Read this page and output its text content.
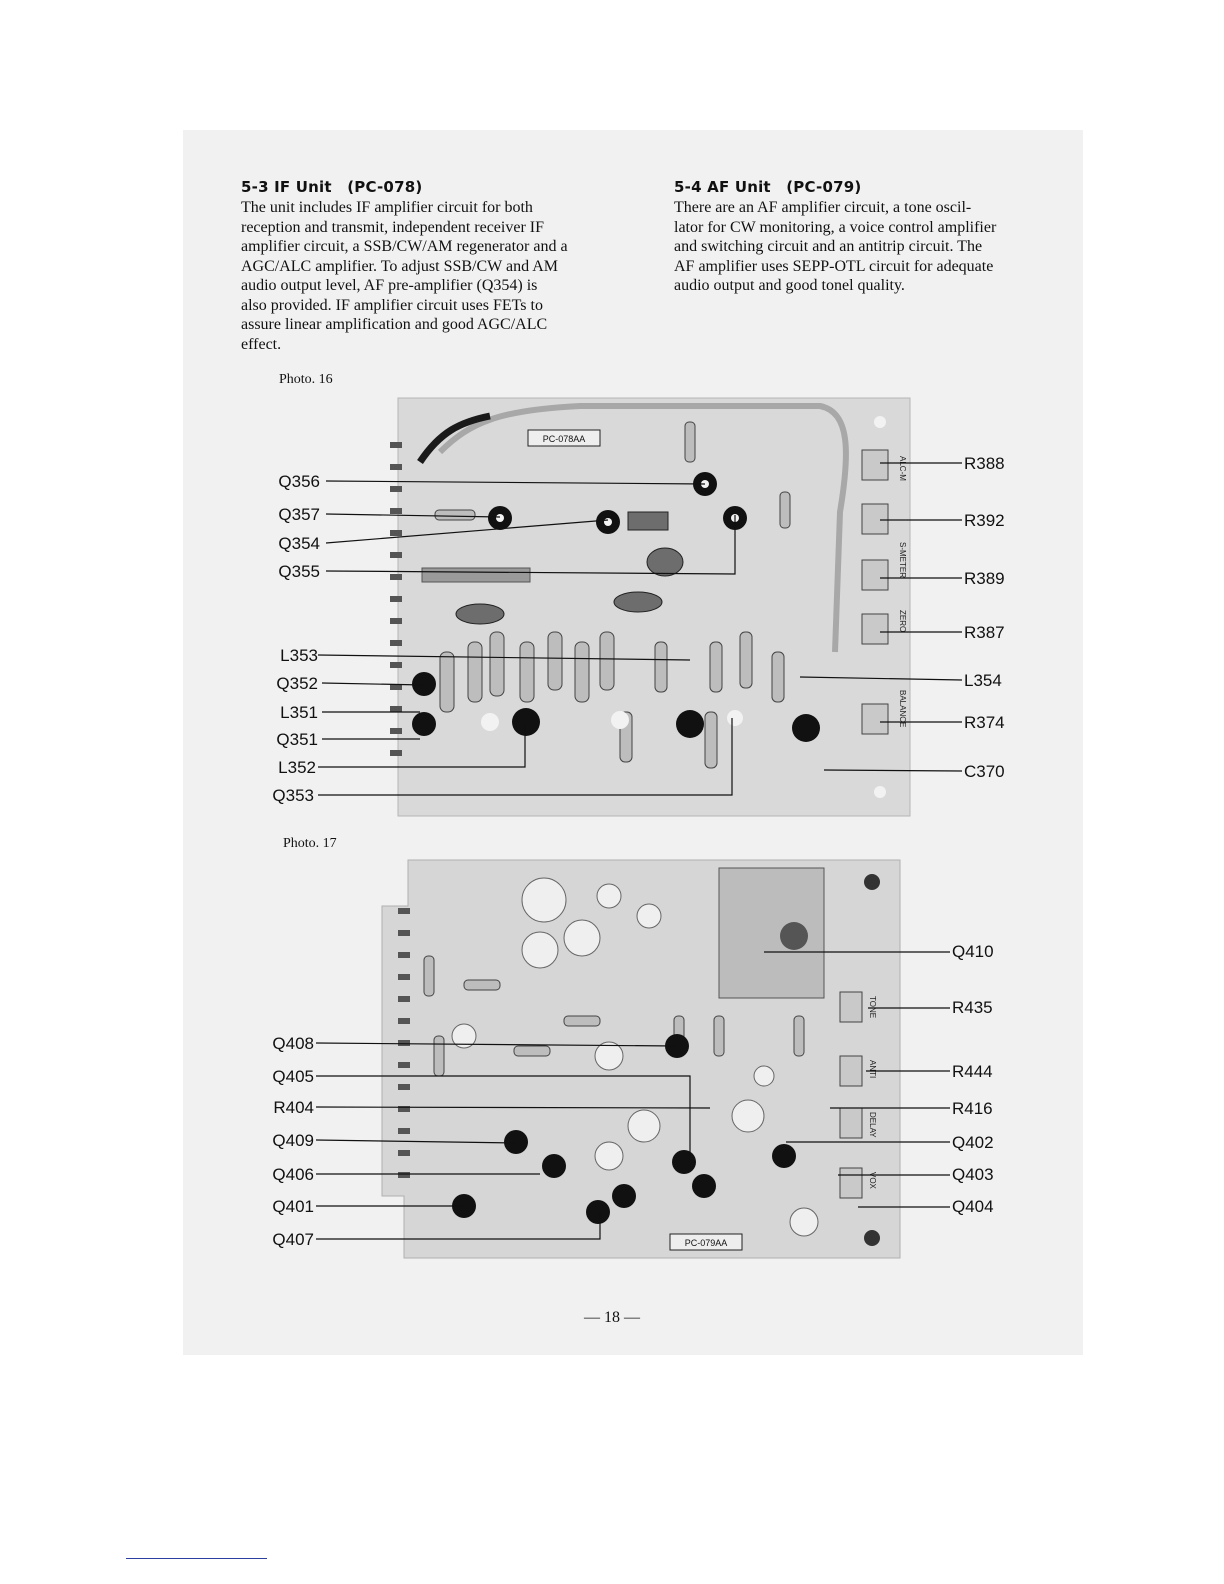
5-3 IF Unit (PC-078)

The unit includes IF amplifier circuit for both
reception and transmit, independent receiver IF
amplifier circuit, a SSB/CW/AM regenerator and a
AGC/ALC amplifier. To adjust SSB/CW and AM
audio output level, AF pre-amplifier (Q354) is
also provided. IF amplifier circuit uses FETs to
assure linear amplification and good AGC/ALC
effect.

5-4 AF Unit (PC-079)

There are an AF amplifier circuit, a tone oscil-
lator for CW monitoring, a voice control amplifier
and switching circuit and an antitrip circuit. The
AF amplifier uses SEPP-OTL circuit for adequate
audio output and good tonel quality.

Photo. 16
PC-078AA
ALC-M
S-METER
ZERO
BALANCE
Photo. 17
TONE
ANTI
DELAY
VOX
PC-079AA
Q356
Q357
Q354
Q355
L353
Q352
L351
Q351
L352
Q353
R388
R392
R389
R387
L354
R374
C370
Q408
Q405
R404
Q409
Q406
Q401
Q407
Q410
R435
R444
R416
Q402
Q403
Q404
— 18 —
